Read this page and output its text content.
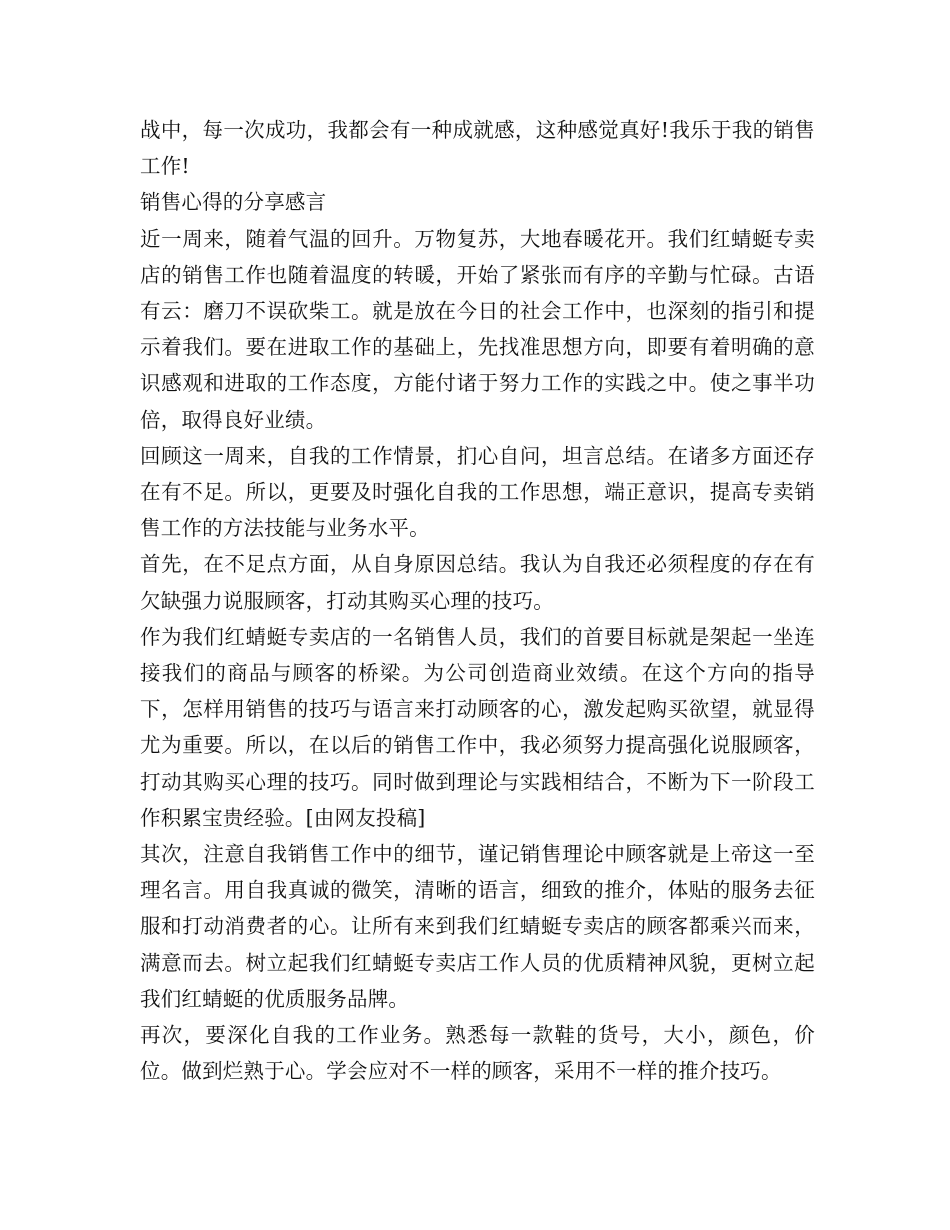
战中，每一次成功，我都会有一种成就感，这种感觉真好!我乐于我的销售工作!

销售心得的分享感言

近一周来，随着气温的回升。万物复苏，大地春暖花开。我们红蜻蜓专卖店的销售工作也随着温度的转暖，开始了紧张而有序的辛勤与忙碌。古语有云：磨刀不误砍柴工。就是放在今日的社会工作中，也深刻的指引和提示着我们。要在进取工作的基础上，先找准思想方向，即要有着明确的意识感观和进取的工作态度，方能付诸于努力工作的实践之中。使之事半功倍，取得良好业绩。

回顾这一周来，自我的工作情景，扪心自问，坦言总结。在诸多方面还存在有不足。所以，更要及时强化自我的工作思想，端正意识，提高专卖销售工作的方法技能与业务水平。

首先，在不足点方面，从自身原因总结。我认为自我还必须程度的存在有欠缺强力说服顾客，打动其购买心理的技巧。

作为我们红蜻蜓专卖店的一名销售人员，我们的首要目标就是架起一坐连接我们的商品与顾客的桥梁。为公司创造商业效绩。在这个方向的指导下，怎样用销售的技巧与语言来打动顾客的心，激发起购买欲望，就显得尤为重要。所以，在以后的销售工作中，我必须努力提高强化说服顾客，打动其购买心理的技巧。同时做到理论与实践相结合，不断为下一阶段工作积累宝贵经验。[由网友投稿]

其次，注意自我销售工作中的细节，谨记销售理论中顾客就是上帝这一至理名言。用自我真诚的微笑，清晰的语言，细致的推介，体贴的服务去征服和打动消费者的心。让所有来到我们红蜻蜓专卖店的顾客都乘兴而来，满意而去。树立起我们红蜻蜓专卖店工作人员的优质精神风貌，更树立起我们红蜻蜓的优质服务品牌。

再次，要深化自我的工作业务。熟悉每一款鞋的货号，大小，颜色，价位。做到烂熟于心。学会应对不一样的顾客，采用不一样的推介技巧。
